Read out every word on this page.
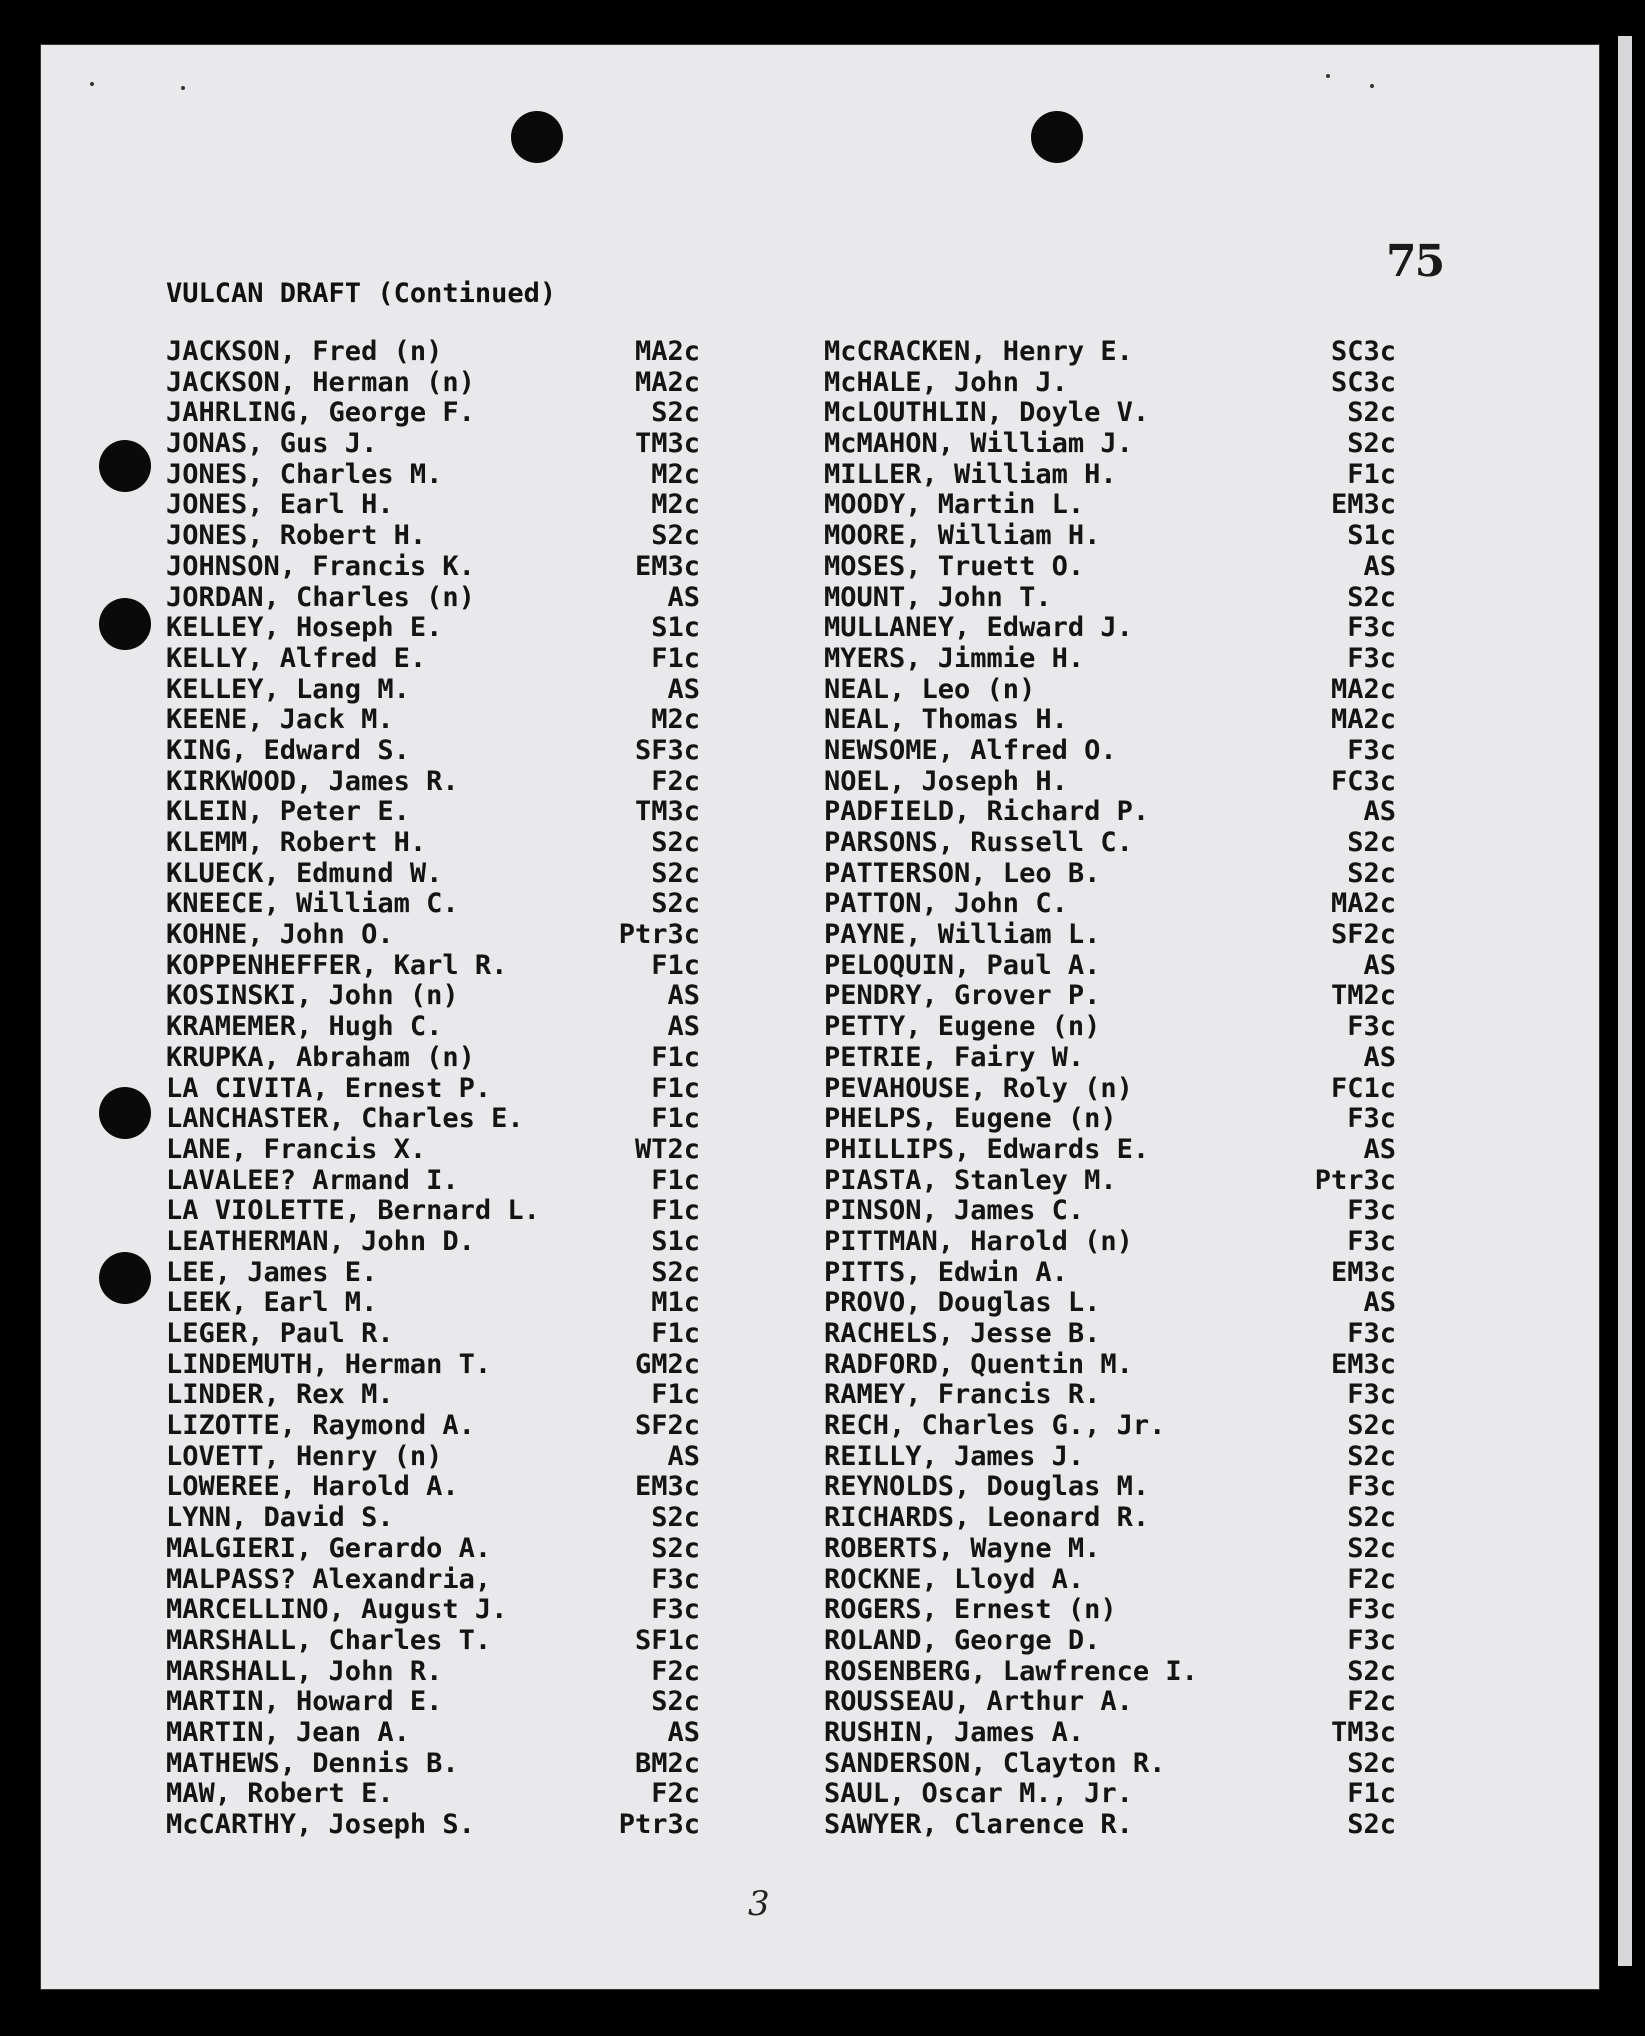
75
VULCAN DRAFT (Continued)
JACKSON, Fred (n)	MA2c
JACKSON, Herman (n)	MA2c
JAHRLING, George F.	S2c
JONAS, Gus J.	TM3c
JONES, Charles M.	M2c
JONES, Earl H.	M2c
JONES, Robert H.	S2c
JOHNSON, Francis K.	EM3c
JORDAN, Charles (n)	AS
KELLEY, Hoseph E.	S1c
KELLY, Alfred E.	F1c
KELLEY, Lang M.	AS
KEENE, Jack M.	M2c
KING, Edward S.	SF3c
KIRKWOOD, James R.	F2c
KLEIN, Peter E.	TM3c
KLEMM, Robert H.	S2c
KLUECK, Edmund W.	S2c
KNEECE, William C.	S2c
KOHNE, John O.	Ptr3c
KOPPENHEFFER, Karl R.	F1c
KOSINSKI, John (n)	AS
KRAMEMER, Hugh C.	AS
KRUPKA, Abraham (n)	F1c
LA CIVITA, Ernest P.	F1c
LANCHASTER, Charles E.	F1c
LANE, Francis X.	WT2c
LAVALEE? Armand I.	F1c
LA VIOLETTE, Bernard L.	F1c
LEATHERMAN, John D.	S1c
LEE, James E.	S2c
LEEK, Earl M.	M1c
LEGER, Paul R.	F1c
LINDEMUTH, Herman T.	GM2c
LINDER, Rex M.	F1c
LIZOTTE, Raymond A.	SF2c
LOVETT, Henry (n)	AS
LOWEREE, Harold A.	EM3c
LYNN, David S.	S2c
MALGIERI, Gerardo A.	S2c
MALPASS? Alexandria,	F3c
MARCELLINO, August J.	F3c
MARSHALL, Charles T.	SF1c
MARSHALL, John R.	F2c
MARTIN, Howard E.	S2c
MARTIN, Jean A.	AS
MATHEWS, Dennis B.	BM2c
MAW, Robert E.	F2c
McCARTHY, Joseph S.	Ptr3c
McCRACKEN, Henry E.	SC3c
McHALE, John J.	SC3c
McLOUTHLIN, Doyle V.	S2c
McMAHON, William J.	S2c
MILLER, William H.	F1c
MOODY, Martin L.	EM3c
MOORE, William H.	S1c
MOSES, Truett O.	AS
MOUNT, John T.	S2c
MULLANEY, Edward J.	F3c
MYERS, Jimmie H.	F3c
NEAL, Leo (n)	MA2c
NEAL, Thomas H.	MA2c
NEWSOME, Alfred O.	F3c
NOEL, Joseph H.	FC3c
PADFIELD, Richard P.	AS
PARSONS, Russell C.	S2c
PATTERSON, Leo B.	S2c
PATTON, John C.	MA2c
PAYNE, William L.	SF2c
PELOQUIN, Paul A.	AS
PENDRY, Grover P.	TM2c
PETTY, Eugene (n)	F3c
PETRIE, Fairy W.	AS
PEVAHOUSE, Roly (n)	FC1c
PHELPS, Eugene (n)	F3c
PHILLIPS, Edwards E.	AS
PIASTA, Stanley M.	Ptr3c
PINSON, James C.	F3c
PITTMAN, Harold (n)	F3c
PITTS, Edwin A.	EM3c
PROVO, Douglas L.	AS
RACHELS, Jesse B.	F3c
RADFORD, Quentin M.	EM3c
RAMEY, Francis R.	F3c
RECH, Charles G., Jr.	S2c
REILLY, James J.	S2c
REYNOLDS, Douglas M.	F3c
RICHARDS, Leonard R.	S2c
ROBERTS, Wayne M.	S2c
ROCKNE, Lloyd A.	F2c
ROGERS, Ernest (n)	F3c
ROLAND, George D.	F3c
ROSENBERG, Lawfrence I.	S2c
ROUSSEAU, Arthur A.	F2c
RUSHIN, James A.	TM3c
SANDERSON, Clayton R.	S2c
SAUL, Oscar M., Jr.	F1c
SAWYER, Clarence R.	S2c
3
